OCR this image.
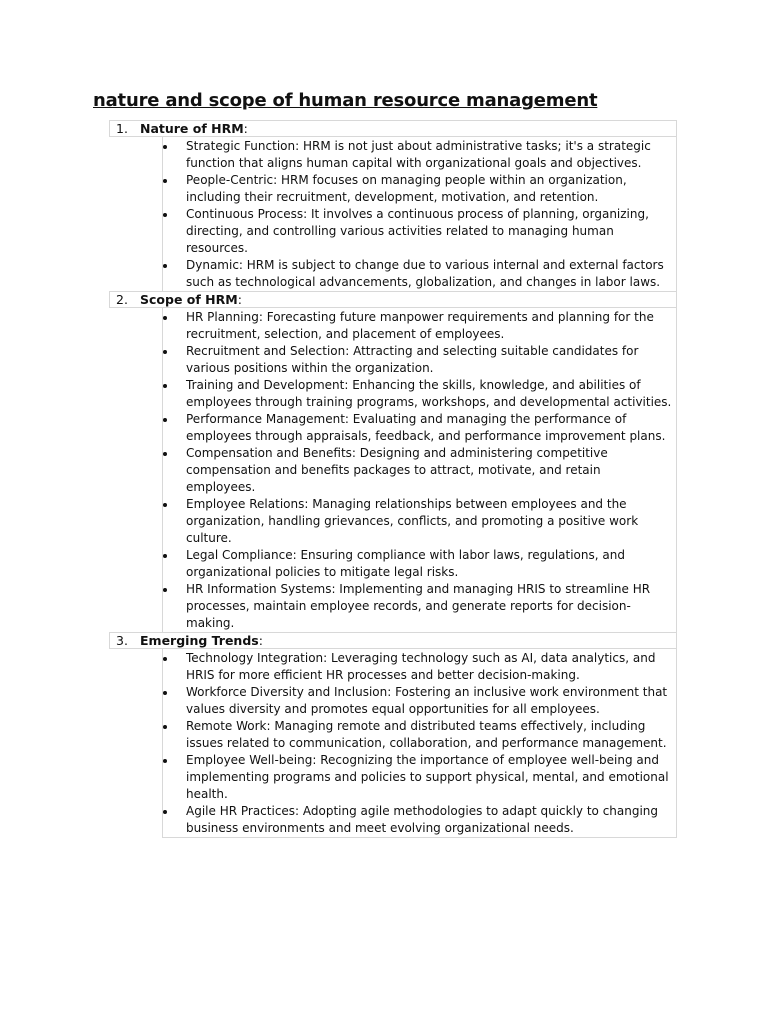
nature and scope of human resource management
1. Nature of HRM:
Strategic Function: HRM is not just about administrative tasks; it's a strategic function that aligns human capital with organizational goals and objectives.
People-Centric: HRM focuses on managing people within an organization, including their recruitment, development, motivation, and retention.
Continuous Process: It involves a continuous process of planning, organizing, directing, and controlling various activities related to managing human resources.
Dynamic: HRM is subject to change due to various internal and external factors such as technological advancements, globalization, and changes in labor laws.
2. Scope of HRM:
HR Planning: Forecasting future manpower requirements and planning for the recruitment, selection, and placement of employees.
Recruitment and Selection: Attracting and selecting suitable candidates for various positions within the organization.
Training and Development: Enhancing the skills, knowledge, and abilities of employees through training programs, workshops, and developmental activities.
Performance Management: Evaluating and managing the performance of employees through appraisals, feedback, and performance improvement plans.
Compensation and Benefits: Designing and administering competitive compensation and benefits packages to attract, motivate, and retain employees.
Employee Relations: Managing relationships between employees and the organization, handling grievances, conflicts, and promoting a positive work culture.
Legal Compliance: Ensuring compliance with labor laws, regulations, and organizational policies to mitigate legal risks.
HR Information Systems: Implementing and managing HRIS to streamline HR processes, maintain employee records, and generate reports for decision-making.
3. Emerging Trends:
Technology Integration: Leveraging technology such as AI, data analytics, and HRIS for more efficient HR processes and better decision-making.
Workforce Diversity and Inclusion: Fostering an inclusive work environment that values diversity and promotes equal opportunities for all employees.
Remote Work: Managing remote and distributed teams effectively, including issues related to communication, collaboration, and performance management.
Employee Well-being: Recognizing the importance of employee well-being and implementing programs and policies to support physical, mental, and emotional health.
Agile HR Practices: Adopting agile methodologies to adapt quickly to changing business environments and meet evolving organizational needs.
